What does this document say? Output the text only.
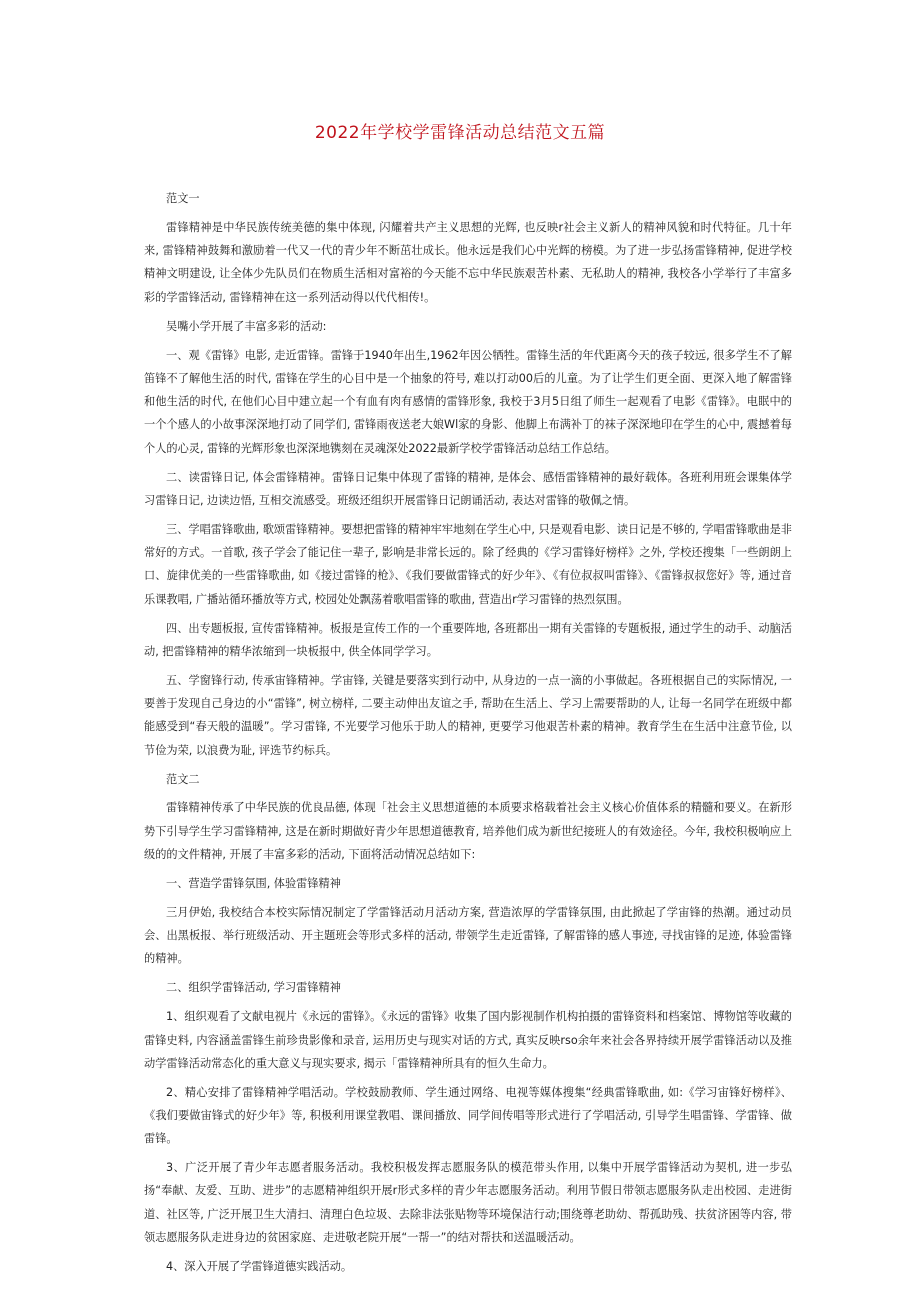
2022年学校学雷锋活动总结范文五篇

范文一

雷锋精神是中华民族传统美德的集中体现, 闪耀着共产主义思想的光辉, 也反映r社会主义新人的精神风貌和时代特征。几十年来, 雷锋精神鼓舞和激励着一代又一代的青少年不断茁壮成长。他永远是我们心中光辉的榜模。为了进一步弘扬雷锋精神, 促进学校精神文明建设, 让全体少先队员们在物质生活相对富裕的今天能不忘中华民族艰苦朴素、无私助人的精神, 我校各小学举行了丰富多彩的学雷锋活动, 雷锋精神在这一系列活动得以代代相传!。

吴嘴小学开展了丰富多彩的活动:

一、观《雷锋》电影, 走近雷锋。雷锋于1940年出生,1962年因公牺牲。雷锋生活的年代距离今天的孩子较远, 很多学生不了解笛锋不了解他生活的时代, 雷锋在学生的心目中是一个抽象的符号, 难以打动00后的儿童。为了让学生们更全面、更深入地了解雷锋和他生活的时代, 在他们心目中建立起一个有血有肉有感情的雷锋形象, 我校于3月5日组了师生一起观看了电影《雷锋》。电眠中的一个个感人的小故事深深地打动了同学们, 雷锋雨夜送老大娘Wl家的身影、他脚上布满补丁的袜子深深地印在学生的心中, 震撼着每个人的心灵, 雷锋的光辉形象也深深地镌刻在灵魂深处2022最新学校学雷锋活动总结工作总结。

二、读雷锋日记, 体会雷锋精神。雷锋日记集中体现了雷锋的精神, 是体会、感悟雷锋精神的最好载体。各班利用班会课集体学习雷锋日记, 边读边悟, 互相交流感受。班级还组织开展雷锋日记朗诵活动, 表达对雷锋的敬佩之情。

三、学唱雷锋歌曲, 歌颂雷锋精神。要想把雷锋的精神牢牢地刻在学生心中, 只是观看电影、读日记是不够的, 学唱雷锋歌曲是非常好的方式。一首歌, 孩子学会了能记住一辈子, 影响是非常长远的。除了经典的《学习雷锋好榜样》之外, 学校还搜集「一些朗朗上口、旋律优美的一些雷锋歌曲, 如《接过雷锋的枪》、《我们要做雷锋式的好少年》、《有位叔叔叫雷锋》、《雷锋叔叔您好》等, 通过音乐课教唱, 广播站循环播放等方式, 校园处处飘荡着歌唱雷锋的歌曲, 营造出r学习雷锋的热烈氛围。

四、出专题板报, 宣传雷锋精神。板报是宣传工作的一个重要阵地, 各班都出一期有关雷锋的专题板报, 通过学生的动手、动脑活动, 把雷锋精神的精华浓缩到一块板报中, 供全体同学学习。

五、学窗锋行动, 传承宙锋精神。学宙锋, 关键是要落实到行动中, 从身边的一点一滴的小事做起。各班根据自己的实际情况, 一要善于发现自己身边的小“雷锋”, 树立榜样, 二要主动伸出友谊之手, 帮助在生活上、学习上需要帮助的人, 让每一名同学在班级中都能感受到“春天般的温暖”。学习雷锋, 不光要学习他乐于助人的精神, 更要学习他艰苦朴素的精神。教育学生在生活中注意节俭, 以节俭为荣, 以浪费为耻, 评选节约标兵。

范文二

雷锋精神传承了中华民族的优良品德, 体现「社会主义思想道德的本质要求格载着社会主义核心价值体系的精髓和要义。在新形势下引导学生学习雷锋精神, 这是在新时期做好青少年思想道德教育, 培养他们成为新世纪接班人的有效途径。今年, 我校积极响应上级的的文件精神, 开展了丰富多彩的活动, 下面将活动情况总结如下:

一、营造学雷锋氛围, 体验雷锋精神

三月伊始, 我校结合本校实际情况制定了学雷锋活动月活动方案, 营造浓厚的学雷锋氛围, 由此掀起了学宙锋的热潮。通过动员会、出黑板报、举行班级活动、开主题班会等形式多样的活动, 带领学生走近雷锋, 了解雷锋的感人事迹, 寻找宙锋的足迹, 体验雷锋的精神。

二、组织学雷锋活动, 学习雷锋精神

1、组织观看了文献电视片《永远的雷锋》。《永远的雷锋》收集了国内影视制作机构拍摄的雷锋资料和档案馆、博物馆等收藏的雷锋史料, 内容涵盖雷锋生前珍贵影像和录音, 运用历史与现实对话的方式, 真实反映rso余年来社会各界持续开展学雷锋活动以及推动学雷锋活动常态化的重大意义与现实要求, 揭示「雷锋精神所具有的恒久生命力。

2、精心安排了雷锋精神学唱活动。学校鼓励教师、学生通过网络、电视等媒体搜集“经典雷锋歌曲, 如:《学习宙锋好榜样》、《我们要做宙锋式的好少年》等, 积极利用课堂教唱、课间播放、同学间传唱等形式进行了学唱活动, 引导学生唱雷锋、学雷锋、做雷锋。

3、广泛开展了青少年志愿者服务活动。我校积极发挥志愿服务队的模范带头作用, 以集中开展学雷锋活动为契机, 进一步弘扬“奉献、友爱、互助、进步”的志愿精神组织开展r形式多样的青少年志愿服务活动。利用节假日带领志愿服务队走出校园、走进街道、社区等, 广泛开展卫生大清扫、清理白色垃圾、去除非法张贴物等环境保洁行动;围绕尊老助幼、帮孤助残、扶贫济困等内容, 带领志愿服务队走进身边的贫困家庭、走进敬老院开展“一帮一”的结对帮扶和送温暖活动。

4、深入开展了学雷锋道德实践活动。
